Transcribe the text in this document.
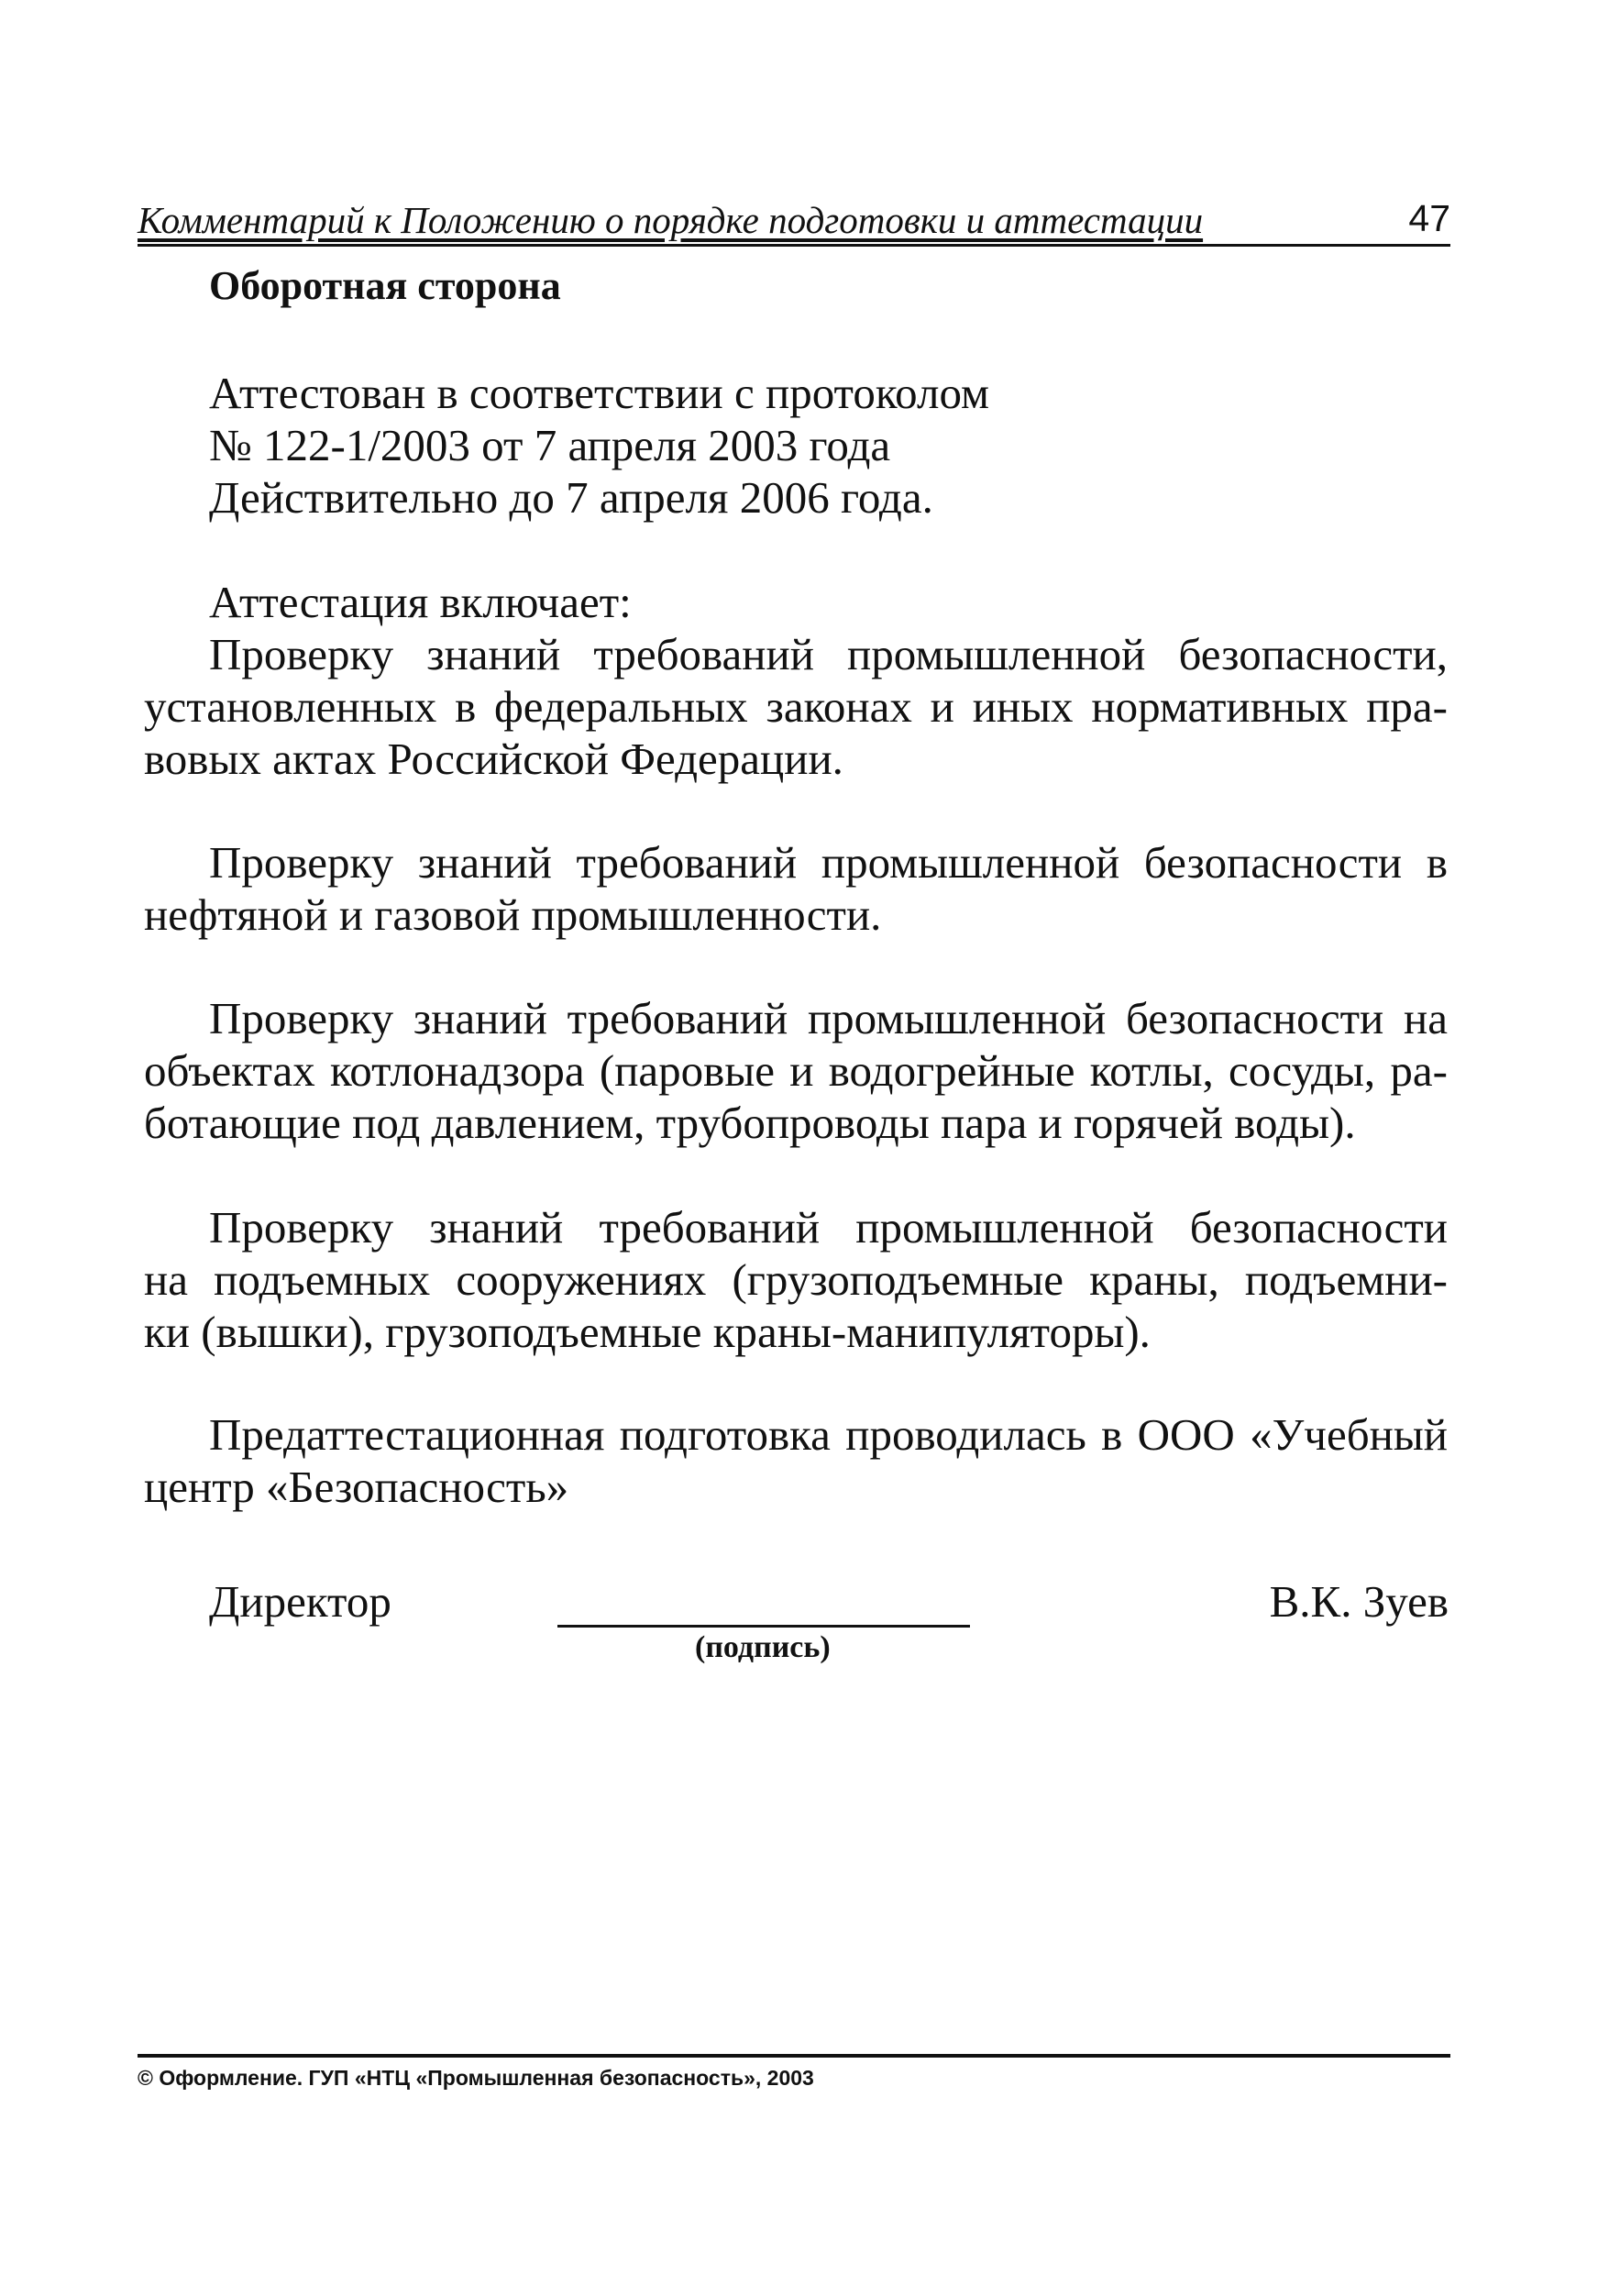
Комментарий к Положению о порядке подготовки и аттестации	47
Оборотная сторона
Аттестован в соответствии с протоколом
№ 122-1/2003 от 7 апреля 2003 года
Действительно до 7 апреля 2006 года.
Аттестация включает:
Проверку знаний требований промышленной безопасности,
установленных в федеральных законах и иных нормативных пра-
вовых актах Российской Федерации.
Проверку знаний требований промышленной безопасности в
нефтяной и газовой промышленности.
Проверку знаний требований промышленной безопасности на
объектах котлонадзора (паровые и водогрейные котлы, сосуды, ра-
ботающие под давлением, трубопроводы пара и горячей воды).
Проверку знаний требований промышленной безопасности
на подъемных сооружениях (грузоподъемные краны, подъемни-
ки (вышки), грузоподъемные краны-манипуляторы).
Предаттестационная подготовка проводилась в ООО «Учебный
центр «Безопасность»
Директор	В.К. Зуев
(подпись)
© Оформление. ГУП «НТЦ «Промышленная безопасность», 2003
